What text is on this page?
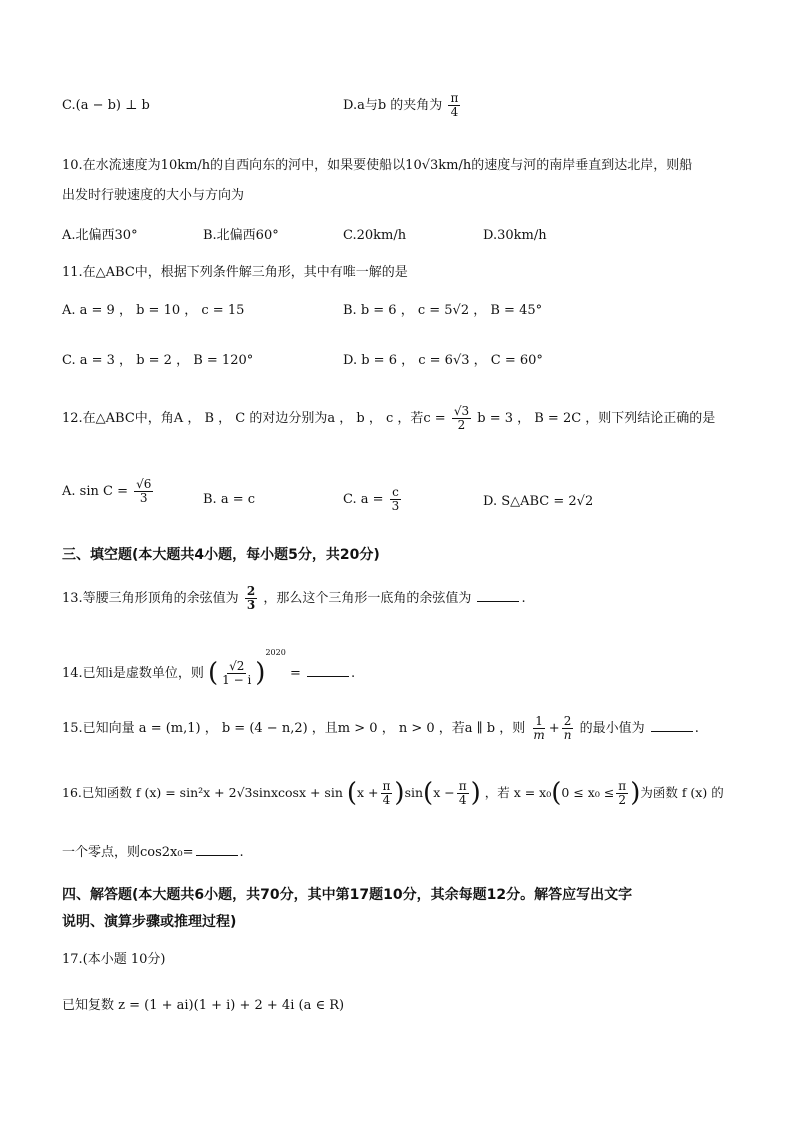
C.(a − b) ⊥ b	D.a与b 的夹角为 $\frac{\pi}{4}$
10.在水流速度为10km/h的自西向东的河中，如果要使船以10√3km/h的速度与河的南岸垂直到达北岸，则船
出发时行驶速度的大小与方向为
A.北偏西30°	B.北偏西60°	C.20km/h	D.30km/h
11.在△ABC中，根据下列条件解三角形，其中有唯一解的是
A. a = 9 ， b = 10 ， c = 15	B. b = 6 ， c = 5√2 ， B = 45°
C. a = 3 ， b = 2 ， B = 120°	D. b = 6 ， c = 6√3 ， C = 60°
12.在△ABC中，角A ， B ， C 的对边分别为a ， b ， c ，若$c = \frac{√3}{2}$ b = 3 ， B = 2C ，则下列结论正确的是
A. $\sin C = \frac{√6}{3}$	B. a = c	C. $a = \frac{c}{3}$	D. S△ABC = 2√2
三、填空题(本大题共4小题，每小题5分，共20分)
13.等腰三角形顶角的余弦值为 $\frac{2}{3}$ ，那么这个三角形一底角的余弦值为	.
14.已知i是虚数单位，则 ( $\frac{√2}{1 - i} )^{2020}$ =	.
15.已知向量 a = (m,1) ， b = (4 − n,2) ，且m > 0 ， n > 0 ，若a ∥ b ，则 $\frac{1}{m} + \frac{2}{n}$ 的最小值为	.
16.已知函数 f (x) = sin²x + 2√3sinxcosx + $\sin (x + \frac{\pi}{4} )\sin(x - \frac{\pi}{4}$ ) ，若 $x = x_0(0 \le x_0 \le \frac{\pi}{2}$ )为函数 f (x) 的
一个零点，则cos2x₀=	.
四、解答题(本大题共6小题，共70分，其中第17题10分，其余每题12分。解答应写出文字
说明、演算步骤或推理过程)
17.(本小题 10分)
已知复数 z = (1 + ai)(1 + i) + 2 + 4i (a ∈ R)
